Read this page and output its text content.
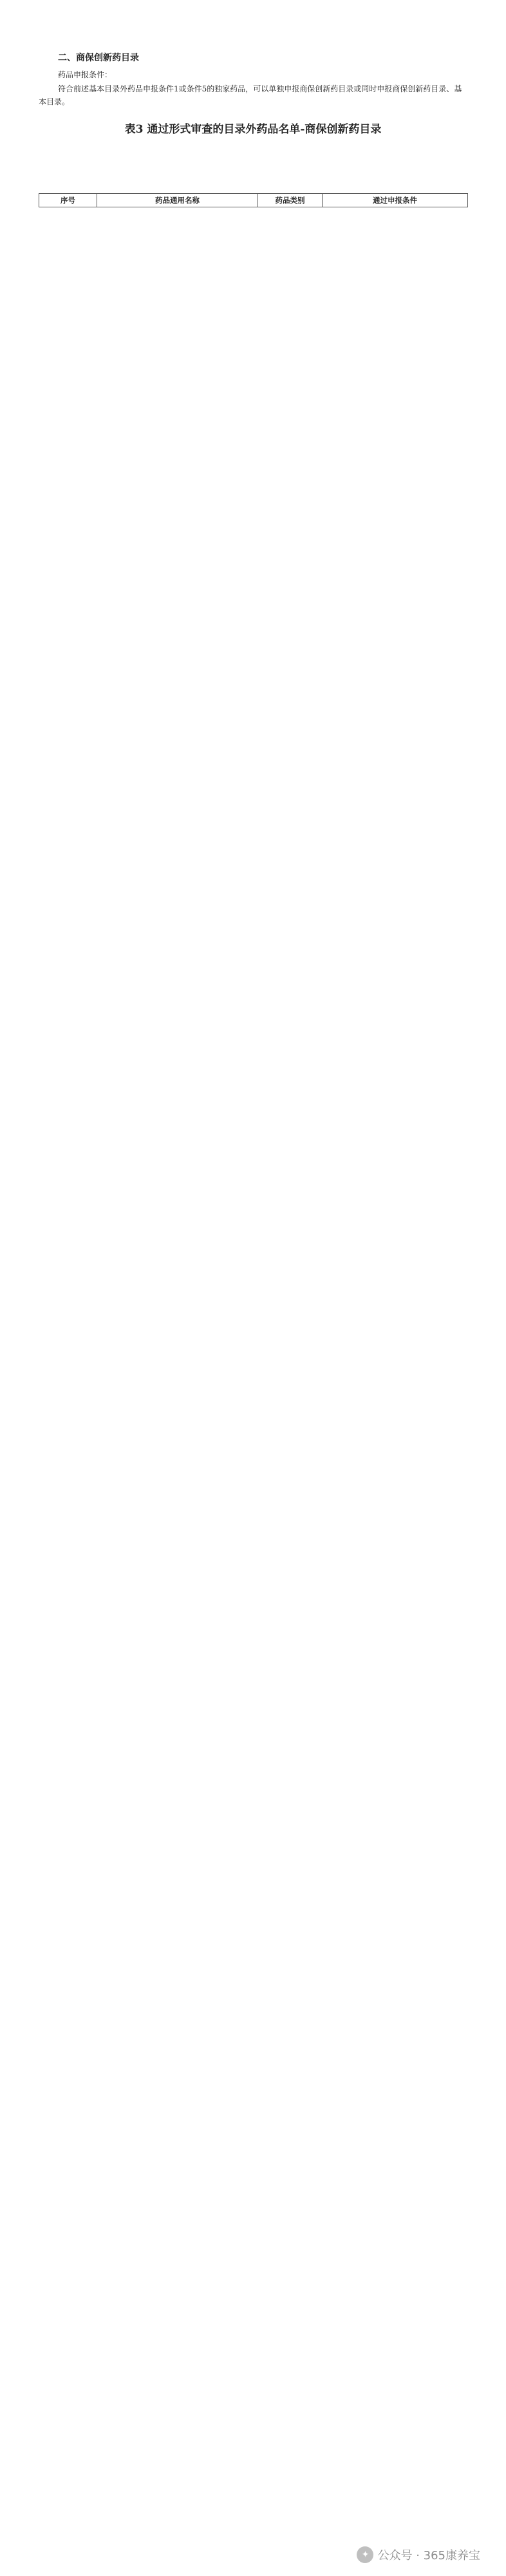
二、商保创新药目录
药品申报条件：

符合前述基本目录外药品申报条件1或条件5的独家药品，可以单独申报商保创新药目录或同时申报商保创新药目录、基本目录。

表3 通过形式审查的目录外药品名单-商保创新药目录
序号	药品通用名称	药品类别	通过申报条件
✦ 公众号 · 365康养宝
